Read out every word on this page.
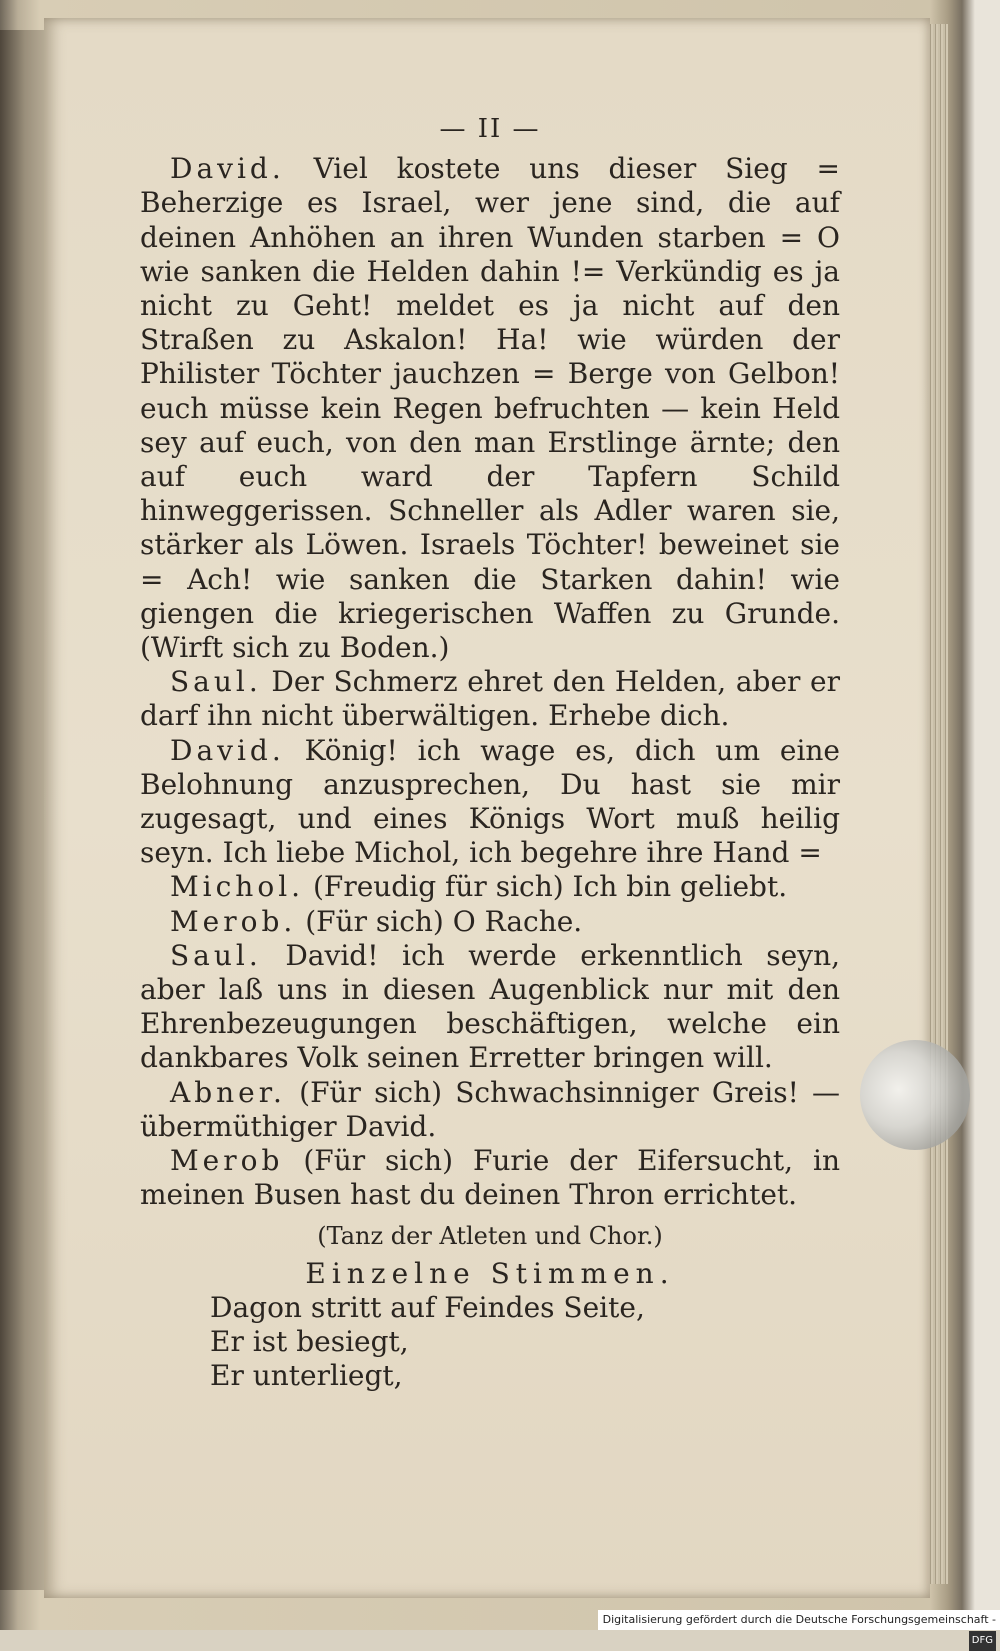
— II —

David. Viel kostete uns dieser Sieg = Beherzige es Israel, wer jene sind, die auf deinen Anhöhen an ihren Wunden starben = O wie sanken die Helden dahin != Verkündig es ja nicht zu Geht! meldet es ja nicht auf den Straßen zu Askalon! Ha! wie würden der Philister Töchter jauchzen = Berge von Gelbon! euch müsse kein Regen befruchten — kein Held sey auf euch, von den man Erstlinge ärnte; den auf euch ward der Tapfern Schild hinweggerissen. Schneller als Adler waren sie, stärker als Löwen. Israels Töchter! beweinet sie = Ach! wie sanken die Starken dahin! wie giengen die kriegerischen Waffen zu Grunde. (Wirft sich zu Boden.)

Saul. Der Schmerz ehret den Helden, aber er darf ihn nicht überwältigen. Erhebe dich.

David. König! ich wage es, dich um eine Belohnung anzusprechen, Du hast sie mir zugesagt, und eines Königs Wort muß heilig seyn. Ich liebe Michol, ich begehre ihre Hand =

Michol. (Freudig für sich) Ich bin geliebt.

Merob. (Für sich) O Rache.

Saul. David! ich werde erkenntlich seyn, aber laß uns in diesen Augenblick nur mit den Ehrenbezeugungen beschäftigen, welche ein dankbares Volk seinen Erretter bringen will.

Abner. (Für sich) Schwachsinniger Greis! — übermüthiger David.

Merob (Für sich) Furie der Eifersucht, in meinen Busen hast du deinen Thron errichtet.

(Tanz der Atleten und Chor.)
Einzelne Stimmen.

Dagon stritt auf Feindes Seite,

Er ist besiegt,

Er unterliegt,

Digitalisierung gefördert durch die Deutsche Forschungsgemeinschaft -DFG
